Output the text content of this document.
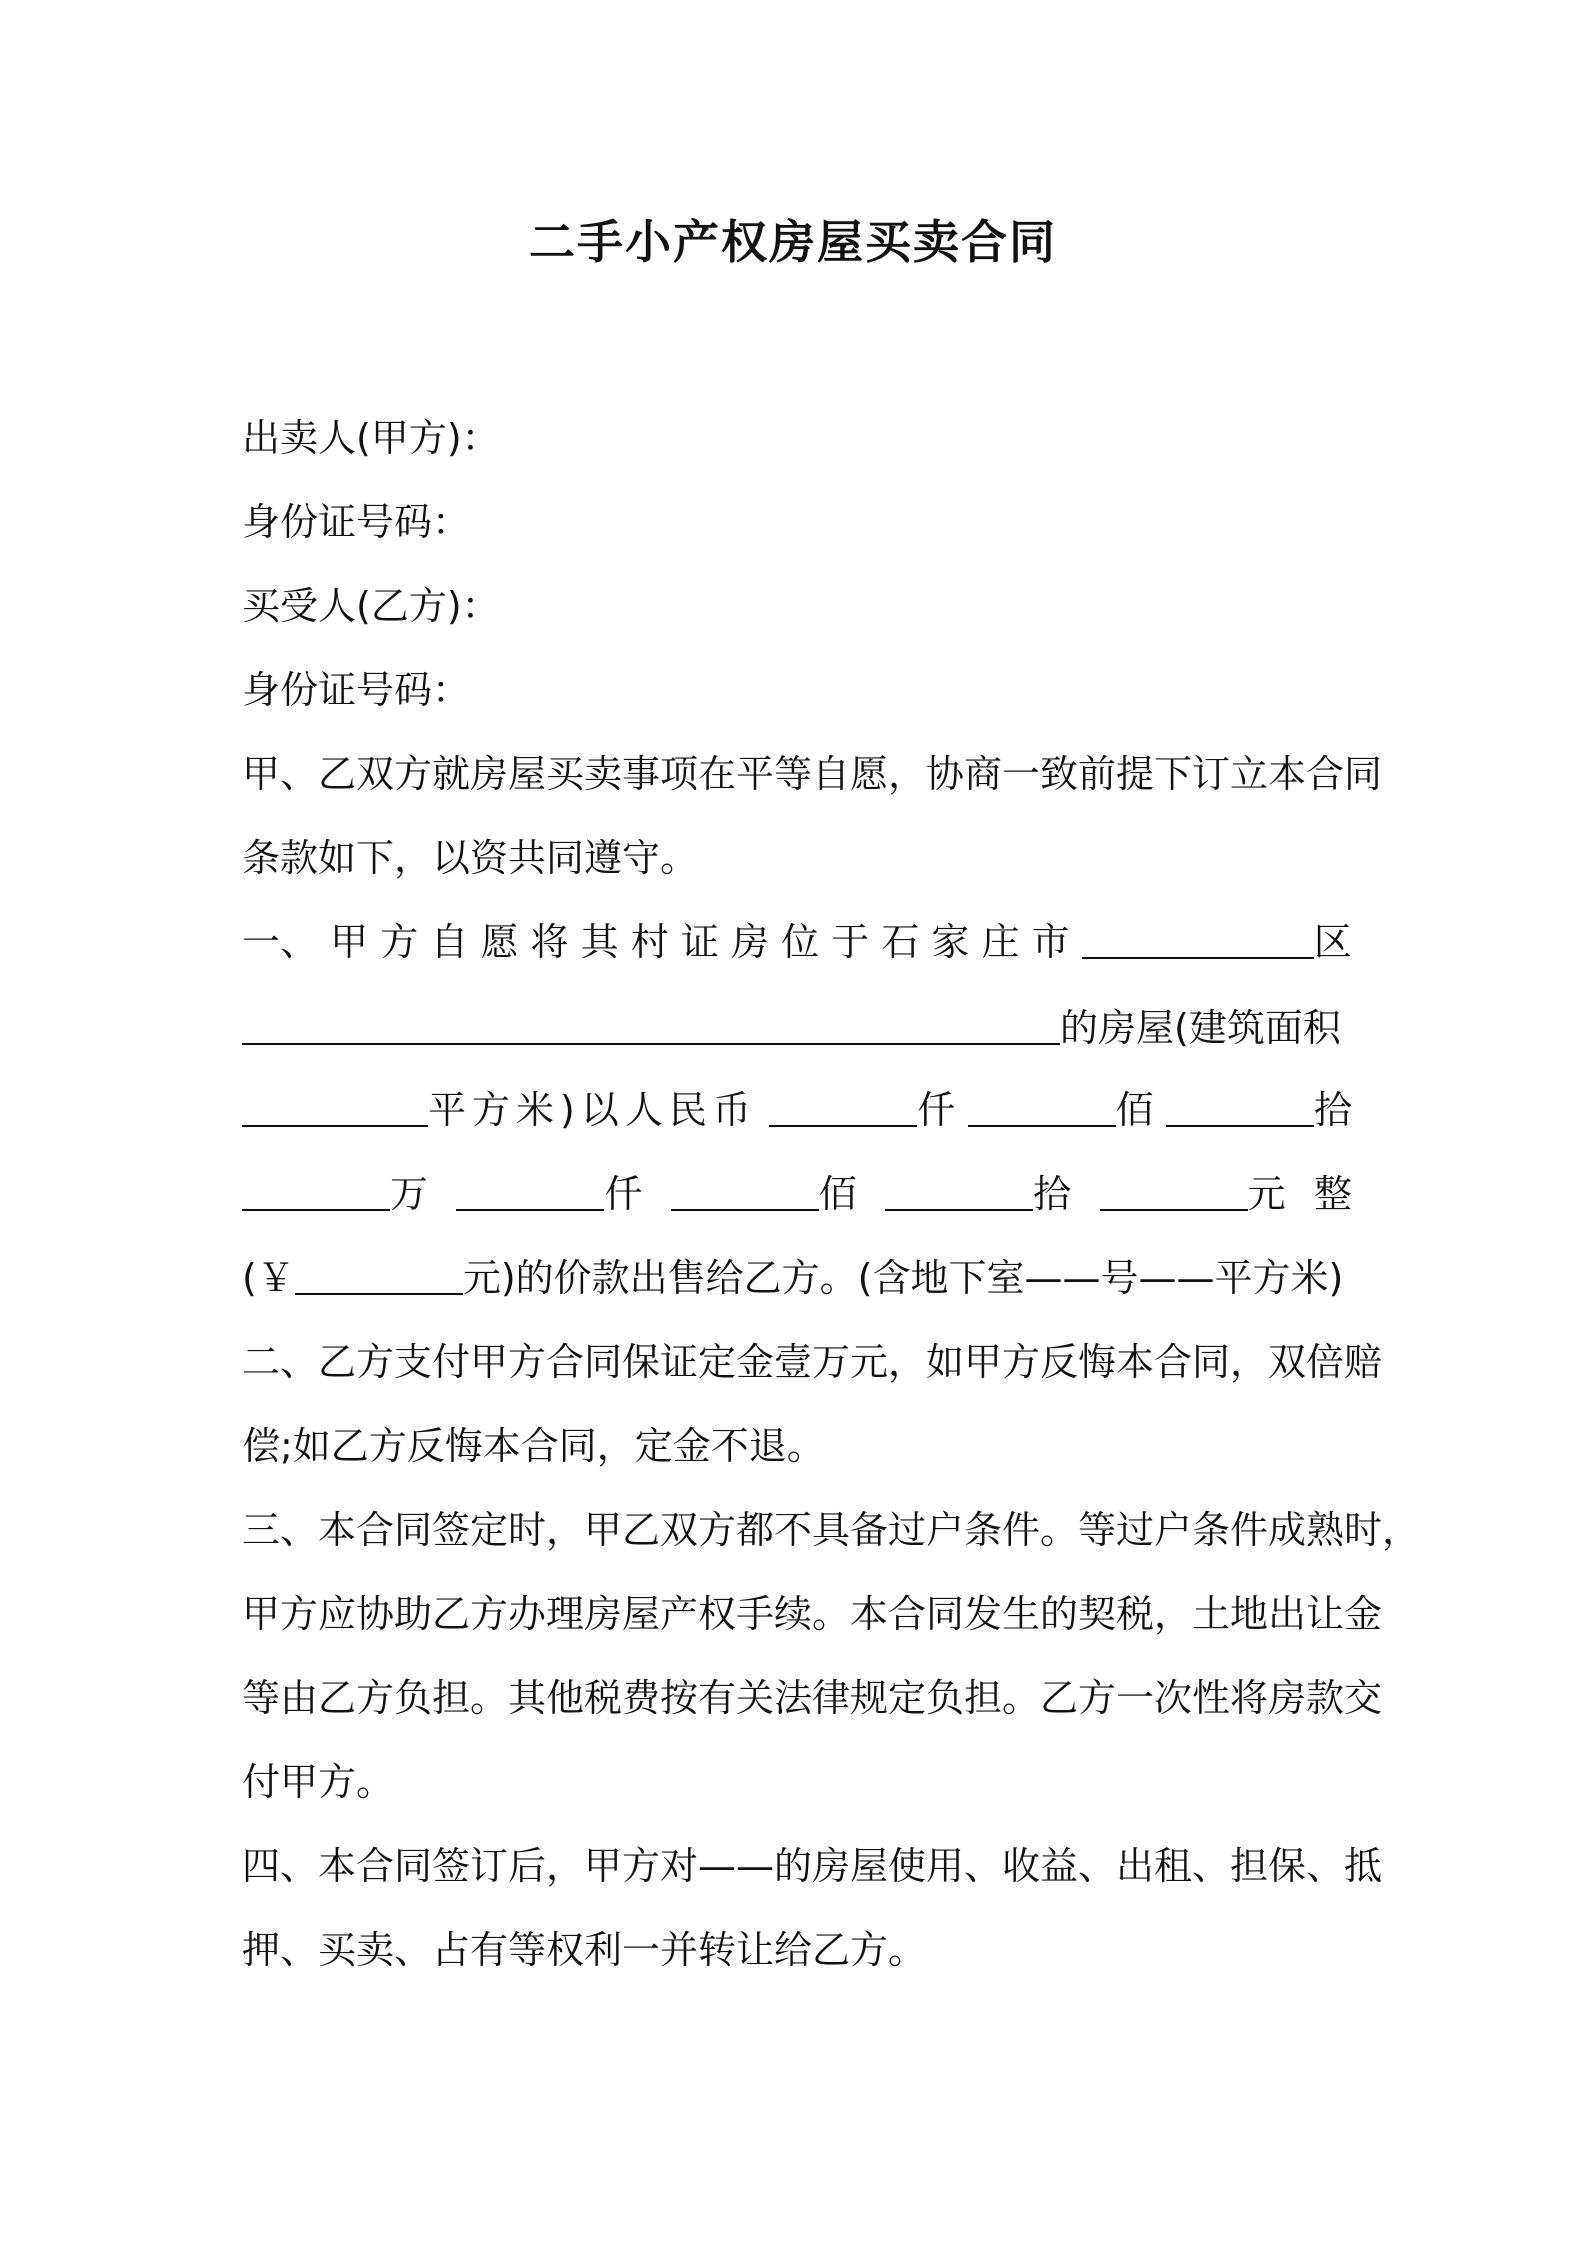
二手小产权房屋买卖合同
出卖人(甲方)：
身份证号码：
买受人(乙方)：
身份证号码：
甲、乙双方就房屋买卖事项在平等自愿，协商一致前提下订立本合同
条款如下，以资共同遵守。
一、 甲 方 自 愿 将 其 村 证 房 位 于 石 家 庄 市	区
的房屋(建筑面积
平方米)以人民币	仟	佰	拾
万	仟	佰	拾	元 整
(￥	元)的价款出售给乙方。(含地下室——号——平方米)
二、乙方支付甲方合同保证定金壹万元，如甲方反悔本合同，双倍赔
偿;如乙方反悔本合同，定金不退。
三、本合同签定时，甲乙双方都不具备过户条件。等过户条件成熟时，
甲方应协助乙方办理房屋产权手续。本合同发生的契税，土地出让金
等由乙方负担。其他税费按有关法律规定负担。乙方一次性将房款交
付甲方。
四、本合同签订后，甲方对——的房屋使用、收益、出租、担保、抵
押、买卖、占有等权利一并转让给乙方。
